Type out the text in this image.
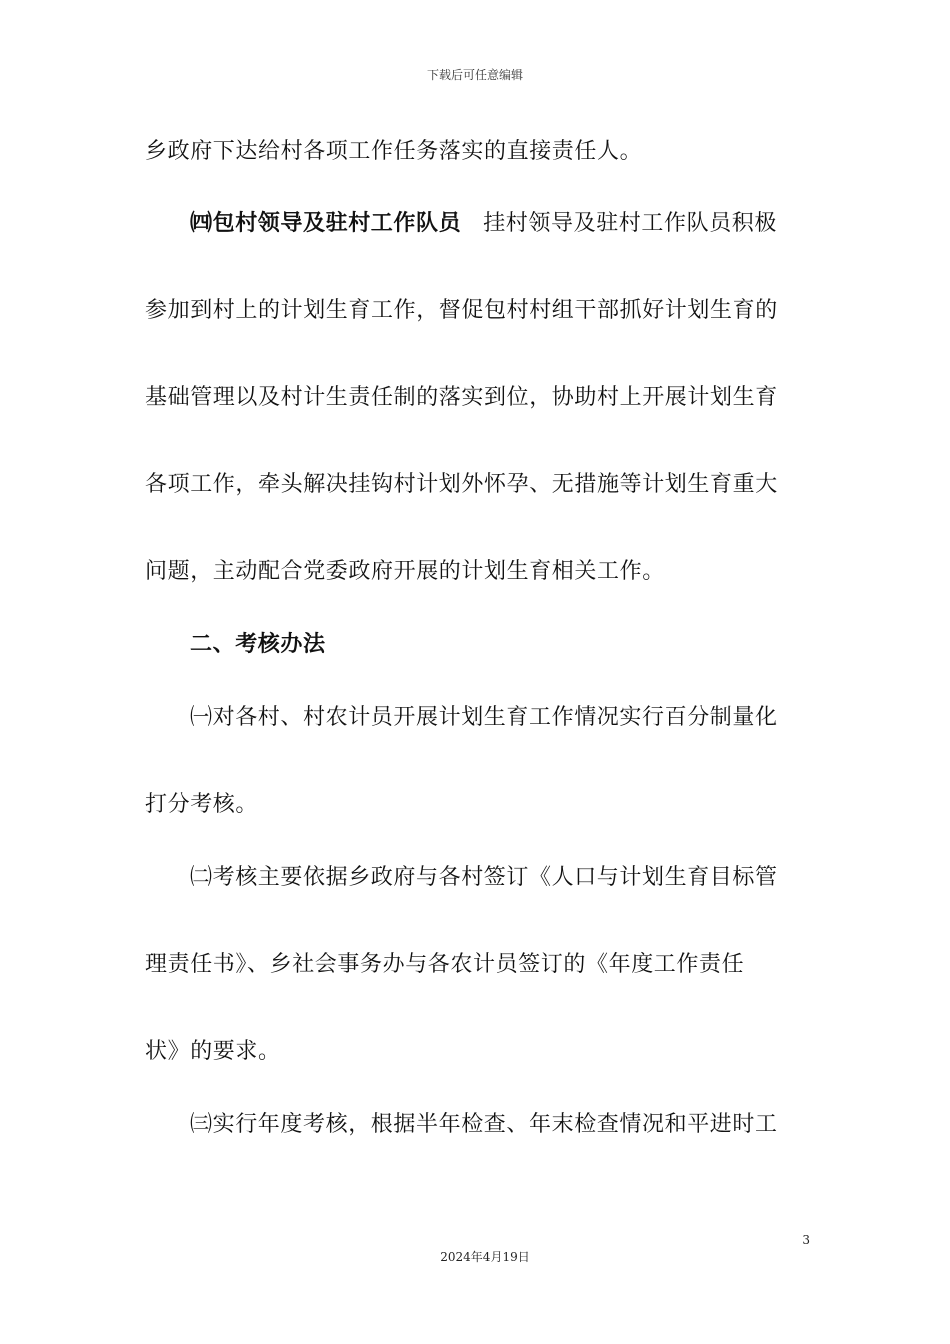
下载后可任意编辑
乡政府下达给村各项工作任务落实的直接责任人。
㈣包村领导及驻村工作队员 挂村领导及驻村工作队员积极
参加到村上的计划生育工作，督促包村村组干部抓好计划生育的
基础管理以及村计生责任制的落实到位，协助村上开展计划生育
各项工作，牵头解决挂钩村计划外怀孕、无措施等计划生育重大
问题，主动配合党委政府开展的计划生育相关工作。
二、考核办法
㈠对各村、村农计员开展计划生育工作情况实行百分制量化
打分考核。
㈡考核主要依据乡政府与各村签订《人口与计划生育目标管
理责任书》、乡社会事务办与各农计员签订的《年度工作责任
状》的要求。
㈢实行年度考核，根据半年检查、年末检查情况和平进时工
3
2024年4月19日
